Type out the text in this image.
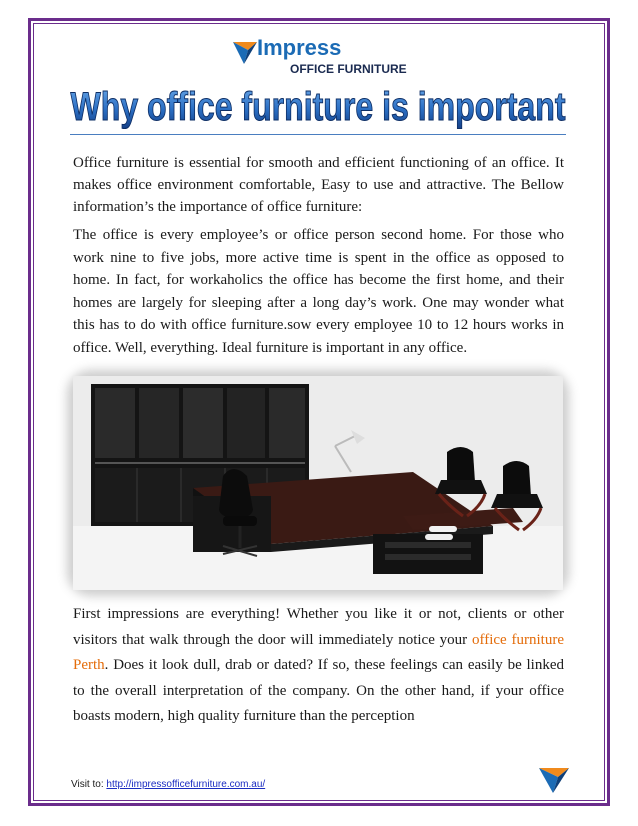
Impress
OFFICE FURNITURE
Why office furniture is important

Office furniture is essential for smooth and efficient functioning of an office. It makes office environment comfortable, Easy to use and attractive. The Bellow information’s the importance of office furniture:

The office is every employee’s or office person second home. For those who work nine to five jobs, more active time is spent in the office as opposed to home. In fact, for workaholics the office has become the first home, and their homes are largely for sleeping after a long day’s work. One may wonder what this has to do with office furniture.sow every employee 10 to 12 hours works in office. Well, everything. Ideal furniture is important in any office.

First impressions are everything! Whether you like it or not, clients or other visitors that walk through the door will immediately notice your office furniture Perth. Does it look dull, drab or dated? If so, these feelings can easily be linked to the overall interpretation of the company. On the other hand, if your office boasts modern, high quality furniture than the perception

Visit to: http://impressofficefurniture.com.au/
